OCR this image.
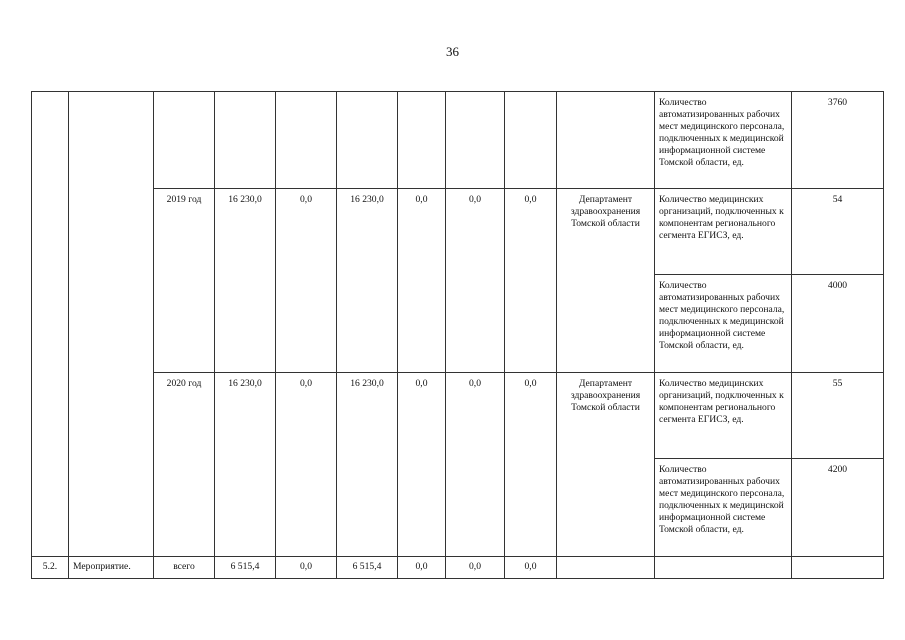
36
										Количество автоматизированных рабочих мест медицинского персонала, подключенных к медицинской информационной системе Томской области, ед.	3760
		2019 год	16 230,0	0,0	16 230,0	0,0	0,0	0,0	Департамент здравоохранения Томской области	Количество медицинских организаций, подключенных к компонентам регионального сегмента ЕГИСЗ, ед.	54
										Количество автоматизированных рабочих мест медицинского персонала, подключенных к медицинской информационной системе Томской области, ед.	4000
		2020 год	16 230,0	0,0	16 230,0	0,0	0,0	0,0	Департамент здравоохранения Томской области	Количество медицинских организаций, подключенных к компонентам регионального сегмента ЕГИСЗ, ед.	55
										Количество автоматизированных рабочих мест медицинского персонала, подключенных к медицинской информационной системе Томской области, ед.	4200
5.2.	Мероприятие.	всего	6 515,4	0,0	6 515,4	0,0	0,0	0,0			
